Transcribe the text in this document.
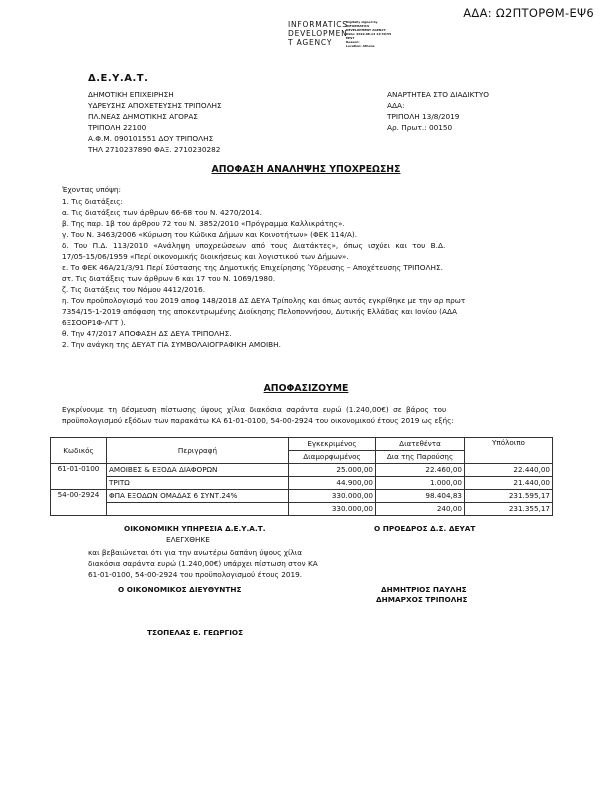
ΑΔΑ: Ω2ΠΤΟΡΘΜ-ΕΨ6
INFORMATICS
DEVELOPMEN
T AGENCY
Digitally signed by
INFORMATICS
DEVELOPMENT AGENCY
Date: 2019.08.13 12:39:55
EEST
Reason:
Location: Athens
Δ.Ε.Υ.Α.Τ.
ΔΗΜΟΤΙΚΗ ΕΠΙΧΕΙΡΗΣΗ
ΥΔΡΕΥΣΗΣ ΑΠΟΧΕΤΕΥΣΗΣ ΤΡΙΠΟΛΗΣ
ΠΛ.ΝΕΑΣ ΔΗΜΟΤΙΚΗΣ ΑΓΟΡΑΣ
ΤΡΙΠΟΛΗ 22100
Α.Φ.Μ. 090101551 ΔΟΥ ΤΡΙΠΟΛΗΣ
ΤΗΛ 2710237890 ΦΑΞ. 2710230282
ΑΝΑΡΤΗΤΕΑ ΣΤΟ ΔΙΑΔΙΚΤΥΟ
ΑΔΑ:
ΤΡΙΠΟΛΗ 13/8/2019
Αρ. Πρωτ.: 00150
ΑΠΟΦΑΣΗ ΑΝΑΛΗΨΗΣ ΥΠΟΧΡΕΩΣΗΣ
Έχοντας υπόψη:
1. Τις διατάξεις:
α. Τις διατάξεις των άρθρων 66-68 του Ν. 4270/2014.
β. Της παρ. 1β του άρθρου 72 του Ν. 3852/2010 «Πρόγραμμα Καλλικράτης».
γ. Του Ν. 3463/2006 «Κύρωση του Κώδικα Δήμων και Κοινοτήτων» (ΦΕΚ 114/Α).
δ. Του Π.Δ. 113/2010 «Ανάληψη υποχρεώσεων από τους Διατάκτες», όπως ισχύει και του Β.Δ.
17/05-15/06/1959 «Περί οικονομικής διοικήσεως και λογιστικού των Δήμων».
ε. Το ΦΕΚ 46Α/21/3/91 Περί Σύστασης της Δημοτικής Επιχείρησης Ύδρευσης – Αποχέτευσης ΤΡΙΠΟΛΗΣ.
στ. Τις διατάξεις των άρθρων 6 και 17 του Ν. 1069/1980.
ζ. Τις διατάξεις του Νόμου 4412/2016.
η. Τον προϋπολογισμό του 2019 αποφ 148/2018 ΔΣ ΔΕΥΑ Τρίπολης και όπως αυτός εγκρίθηκε με την αρ πρωτ
7354/15-1-2019 απόφαση της αποκεντρωμένης Διοίκησης Πελοποννήσου, Δυτικής Ελλάδας και Ιονίου (ΑΔΑ
6ΞΣΟΟΡ1Φ-ΛΓΤ ).
θ. Την 47/2017 ΑΠΟΦΑΣΗ ΔΣ ΔΕΥΑ ΤΡΙΠΟΛΗΣ.
2. Την ανάγκη της ΔΕΥΑΤ ΓΙΑ ΣΥΜΒΟΛΑΙΟΓΡΑΦΙΚΗ ΑΜΟΙΒΗ.
ΑΠΟΦΑΣΙΖΟΥΜΕ
Εγκρίνουμε τη δέσμευση πίστωσης ύψους χίλια διακόσια σαράντα ευρώ (1.240,00€) σε βάρος του
προϋπολογισμού εξόδων των παρακάτω ΚΑ 61-01-0100, 54-00-2924 του οικονομικού έτους 2019 ως εξής:
Κωδικός	Περιγραφή	Εγκεκριμένος	Διατεθέντα	Υπόλοιπο
		Διαμορφωμένος	Δια της Παρούσης	
61-01-0100	ΑΜΟΙΒΕΣ & ΕΞΟΔΑ ΔΙΑΦΟΡΩΝ	25.000,00	22.460,00	22.440,00
	ΤΡΙΤΩ	44.900,00	1.000,00	21.440,00
54-00-2924	ΦΠΑ ΕΞΟΔΩΝ ΟΜΑΔΑΣ 6 ΣΥΝΤ.24%	330.000,00	98.404,83	231.595,17
		330.000,00	240,00	231.355,17
ΟΙΚΟΝΟΜΙΚΗ ΥΠΗΡΕΣΙΑ Δ.Ε.Υ.Α.Τ.
ΕΛΕΓΧΘΗΚΕ
και βεβαιώνεται ότι για την ανωτέρω δαπάνη ύψους χίλια
διακόσια σαράντα ευρώ (1.240,00€) υπάρχει πίστωση στον ΚΑ
61-01-0100, 54-00-2924 του προϋπολογισμού έτους 2019.
Ο ΟΙΚΟΝΟΜΙΚΟΣ ΔΙΕΥΘΥΝΤΗΣ
ΤΣΟΠΕΛΑΣ Ε. ΓΕΩΡΓΙΟΣ
Ο ΠΡΟΕΔΡΟΣ Δ.Σ. ΔΕΥΑΤ
ΔΗΜΗΤΡΙΟΣ ΠΑΥΛΗΣ
ΔΗΜΑΡΧΟΣ ΤΡΙΠΟΛΗΣ
